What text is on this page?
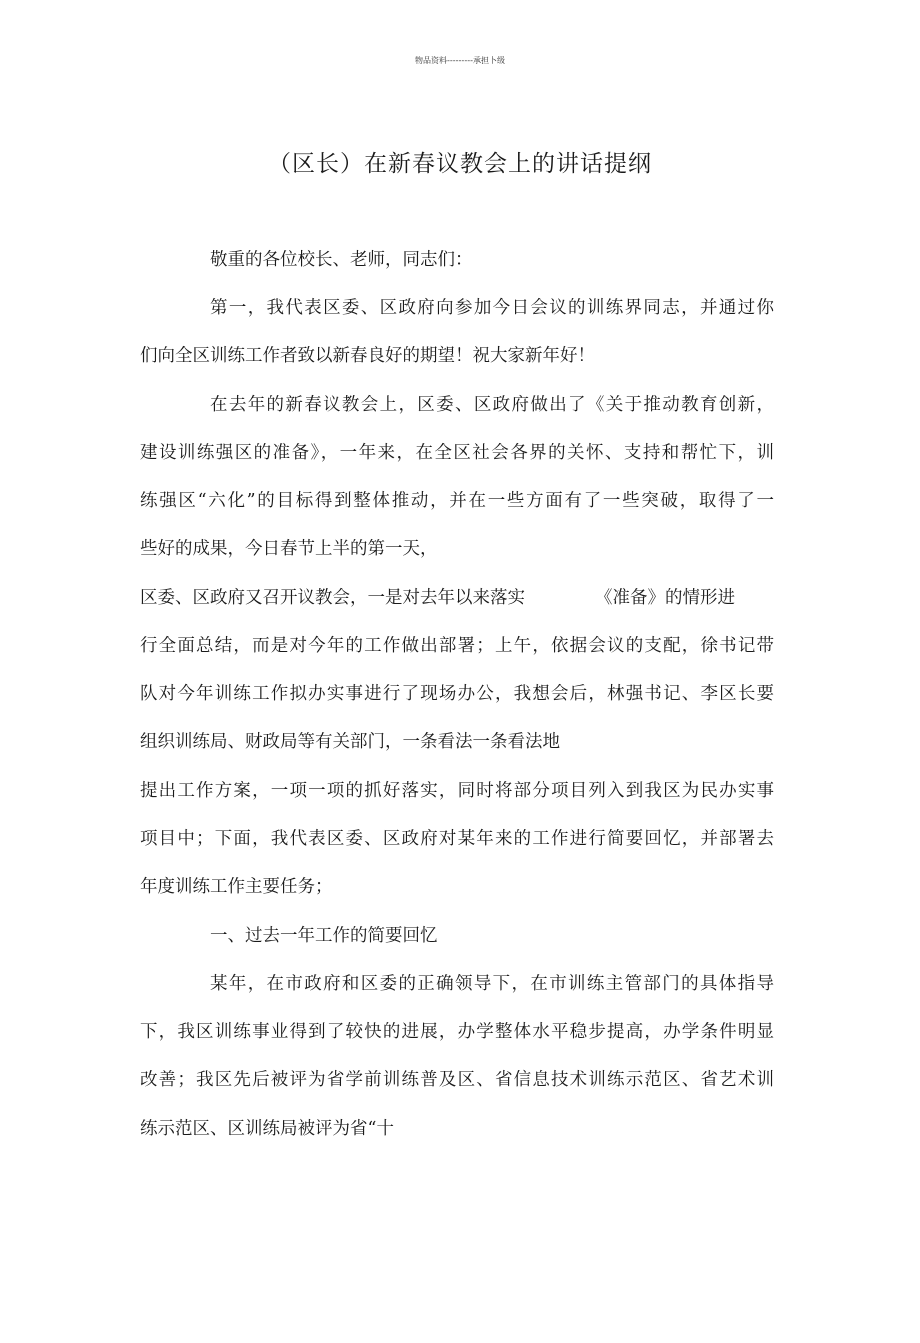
物品资料---------承担卜级
（区长）在新春议教会上的讲话提纲
敬重的各位校长、老师，同志们：
第一，我代表区委、区政府向参加今日会议的训练界同志，并通过你
们向全区训练工作者致以新春良好的期望！祝大家新年好！
在去年的新春议教会上，区委、区政府做出了《关于推动教育创新，
建设训练强区的准备》，一年来，在全区社会各界的关怀、支持和帮忙下，训
练强区“六化”的目标得到整体推动，并在一些方面有了一些突破，取得了一
些好的成果，今日春节上半的第一天，
区委、区政府又召开议教会，一是对去年以来落实	《准备》的情形进
行全面总结，而是对今年的工作做出部署；上午，依据会议的支配，徐书记带
队对今年训练工作拟办实事进行了现场办公，我想会后，林强书记、李区长要
组织训练局、财政局等有关部门，一条看法一条看法地
提出工作方案，一项一项的抓好落实，同时将部分项目列入到我区为民办实事
项目中；下面，我代表区委、区政府对某年来的工作进行简要回忆，并部署去
年度训练工作主要任务；
一、过去一年工作的简要回忆
某年，在市政府和区委的正确领导下，在市训练主管部门的具体指导
下，我区训练事业得到了较快的进展，办学整体水平稳步提高，办学条件明显
改善；我区先后被评为省学前训练普及区、省信息技术训练示范区、省艺术训
练示范区、区训练局被评为省“十
